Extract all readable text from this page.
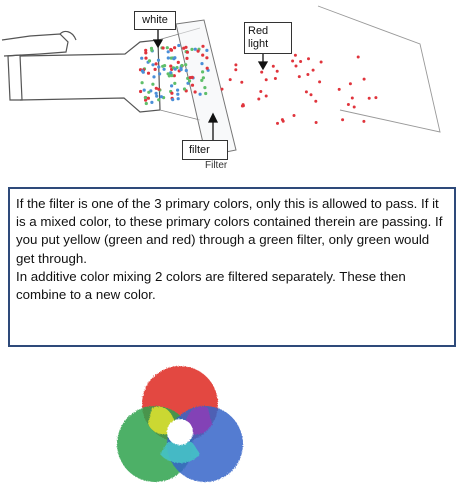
Filter
white
Red
light
filter

If the filter is one of the 3 primary colors, only this is allowed to pass. If it is a mixed color, to these primary colors contained therein are passing. If you put yellow (green and red) through a green filter, only green would get through.

In additive color mixing 2 colors are filtered separately. These then combine to a new color.
